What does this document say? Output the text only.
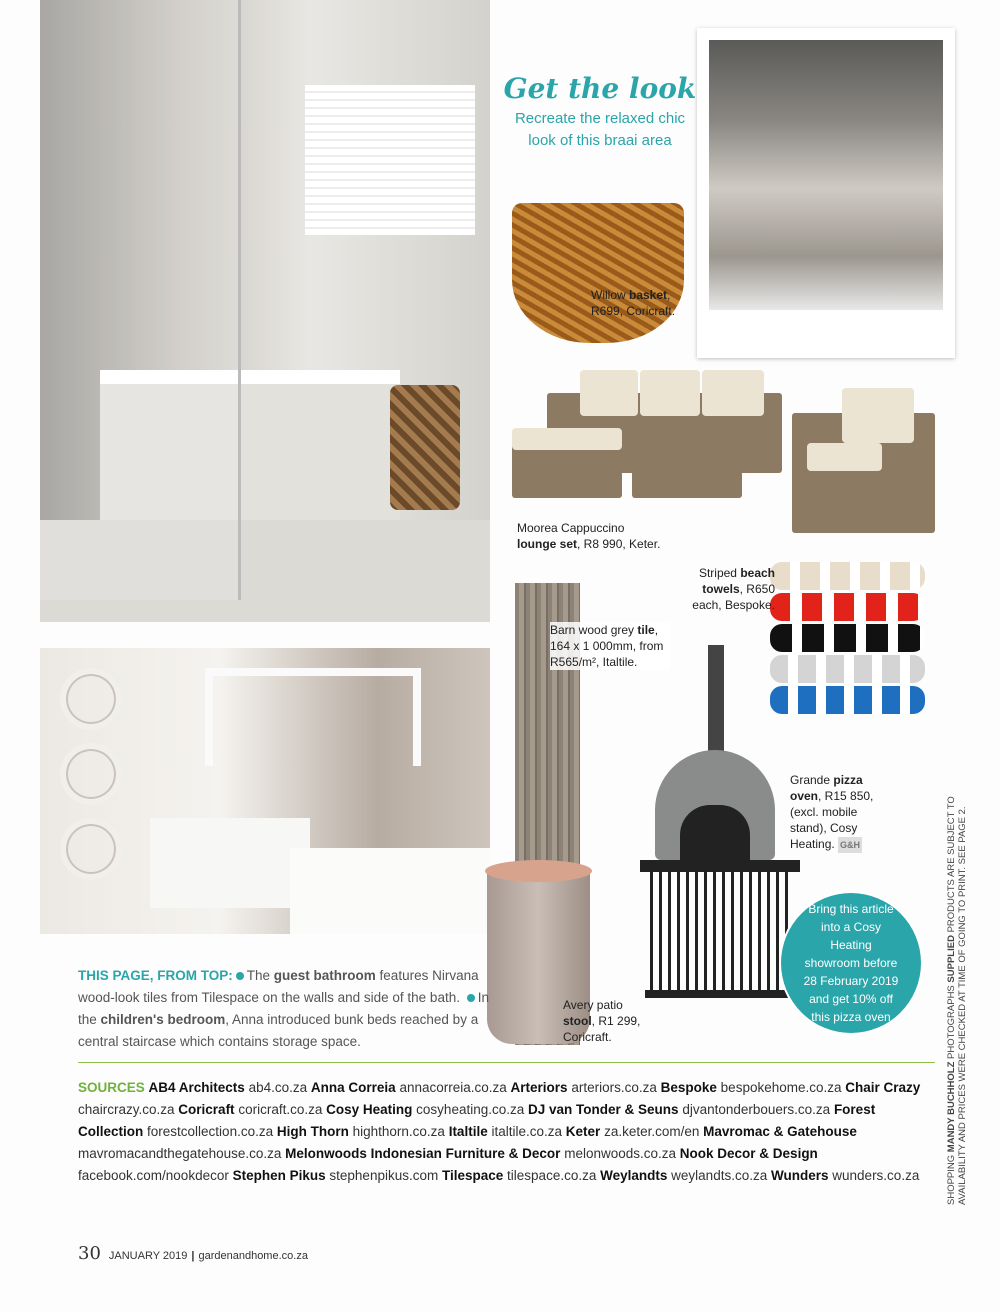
Get the look
Recreate the relaxed chic look of this braai area
Willow basket, R699, Coricraft.
Moorea Cappuccino
lounge set, R8 990, Keter.
Barn wood grey tile, 164 x 1 000mm, from R565/m², Italtile.
Striped beach towels, R650 each, Bespoke.
Grande pizza oven, R15 850, (excl. mobile stand), Cosy Heating. G&H
Avery patio stool, R1 299, Coricraft.
Bring this article into a Cosy Heating showroom before 28 February 2019 and get 10% off this pizza oven
THIS PAGE, FROM TOP: The guest bathroom features Nirvana wood-look tiles from Tilespace on the walls and side of the bath. In the children's bedroom, Anna introduced bunk beds reached by a central staircase which contains storage space.
SOURCES AB4 Architects ab4.co.za Anna Correia annacorreia.co.za Arteriors arteriors.co.za Bespoke bespokehome.co.za Chair Crazy chaircrazy.co.za Coricraft coricraft.co.za Cosy Heating cosyheating.co.za DJ van Tonder & Seuns djvantonderbouers.co.za Forest Collection forestcollection.co.za High Thorn highthorn.co.za Italtile italtile.co.za Keter za.keter.com/en Mavromac & Gatehouse mavromacandthegatehouse.co.za Melonwoods Indonesian Furniture & Decor melonwoods.co.za Nook Decor & Design facebook.com/nookdecor Stephen Pikus stephenpikus.com Tilespace tilespace.co.za Weylandts weylandts.co.za Wunders wunders.co.za	SHOPPING MANDY BUCHHOLZ PHOTOGRAPHS SUPPLIED PRODUCTS ARE SUBJECT TO AVAILABILITY AND PRICES WERE CHECKED AT TIME OF GOING TO PRINT. SEE PAGE 2.
30 JANUARY 2019 | gardenandhome.co.za
